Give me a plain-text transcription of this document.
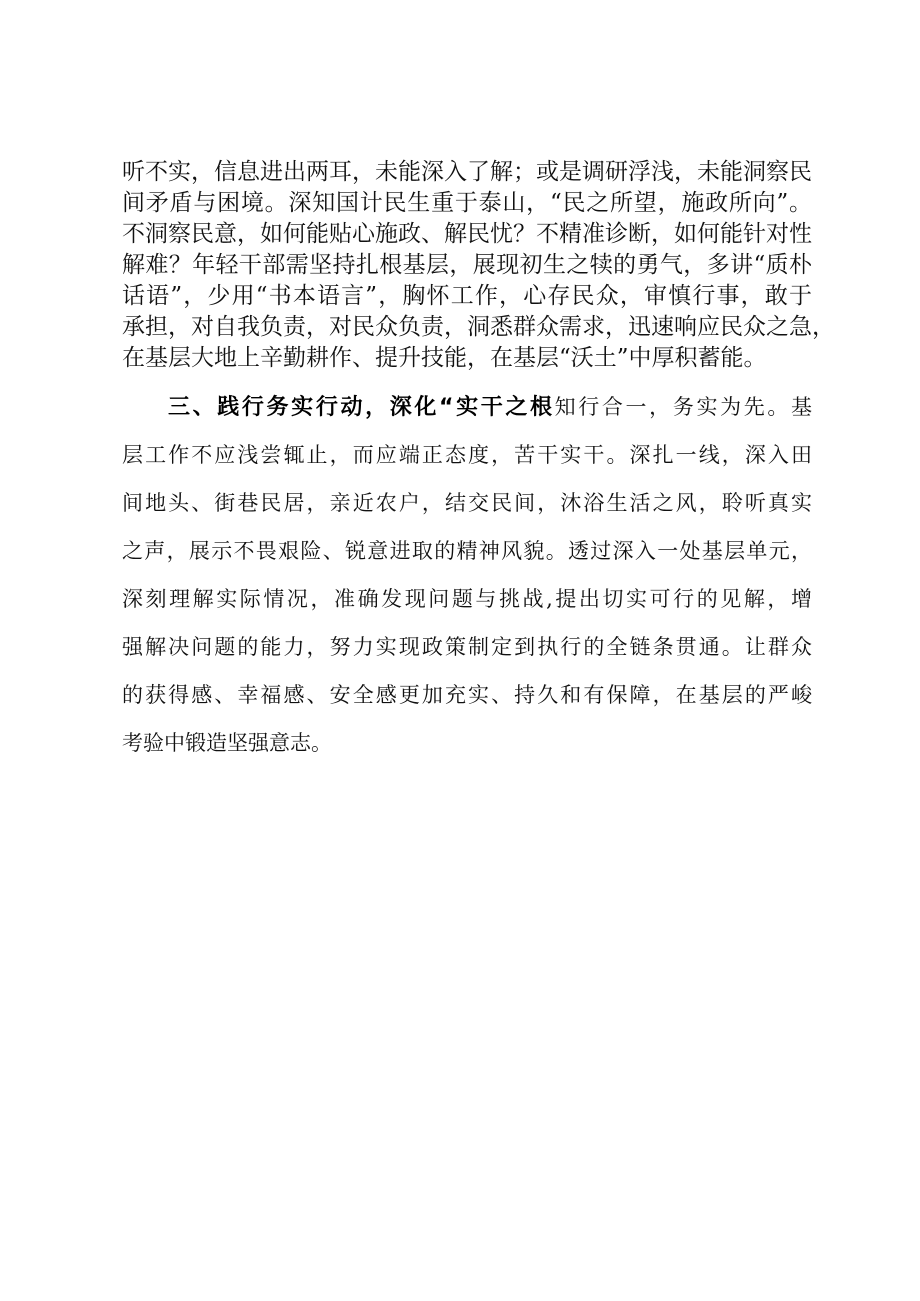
听不实，信息进出两耳，未能深入了解；或是调研浮浅，未能洞察民
间矛盾与困境。深知国计民生重于泰山，“民之所望，施政所向”。
不洞察民意，如何能贴心施政、解民忧？不精准诊断，如何能针对性
解难？年轻干部需坚持扎根基层，展现初生之犊的勇气，多讲“质朴
话语”，少用“书本语言”，胸怀工作，心存民众，审慎行事，敢于
承担，对自我负责，对民众负责，洞悉群众需求，迅速响应民众之急，
在基层大地上辛勤耕作、提升技能，在基层“沃土”中厚积蓄能。
三、践行务实行动，深化“实干之根知行合一，务实为先。基
层工作不应浅尝辄止，而应端正态度，苦干实干。深扎一线，深入田
间地头、街巷民居，亲近农户，结交民间，沐浴生活之风，聆听真实
之声，展示不畏艰险、锐意进取的精神风貌。透过深入一处基层单元，
深刻理解实际情况，准确发现问题与挑战,提出切实可行的见解，增
强解决问题的能力，努力实现政策制定到执行的全链条贯通。让群众
的获得感、幸福感、安全感更加充实、持久和有保障，在基层的严峻
考验中锻造坚强意志。
